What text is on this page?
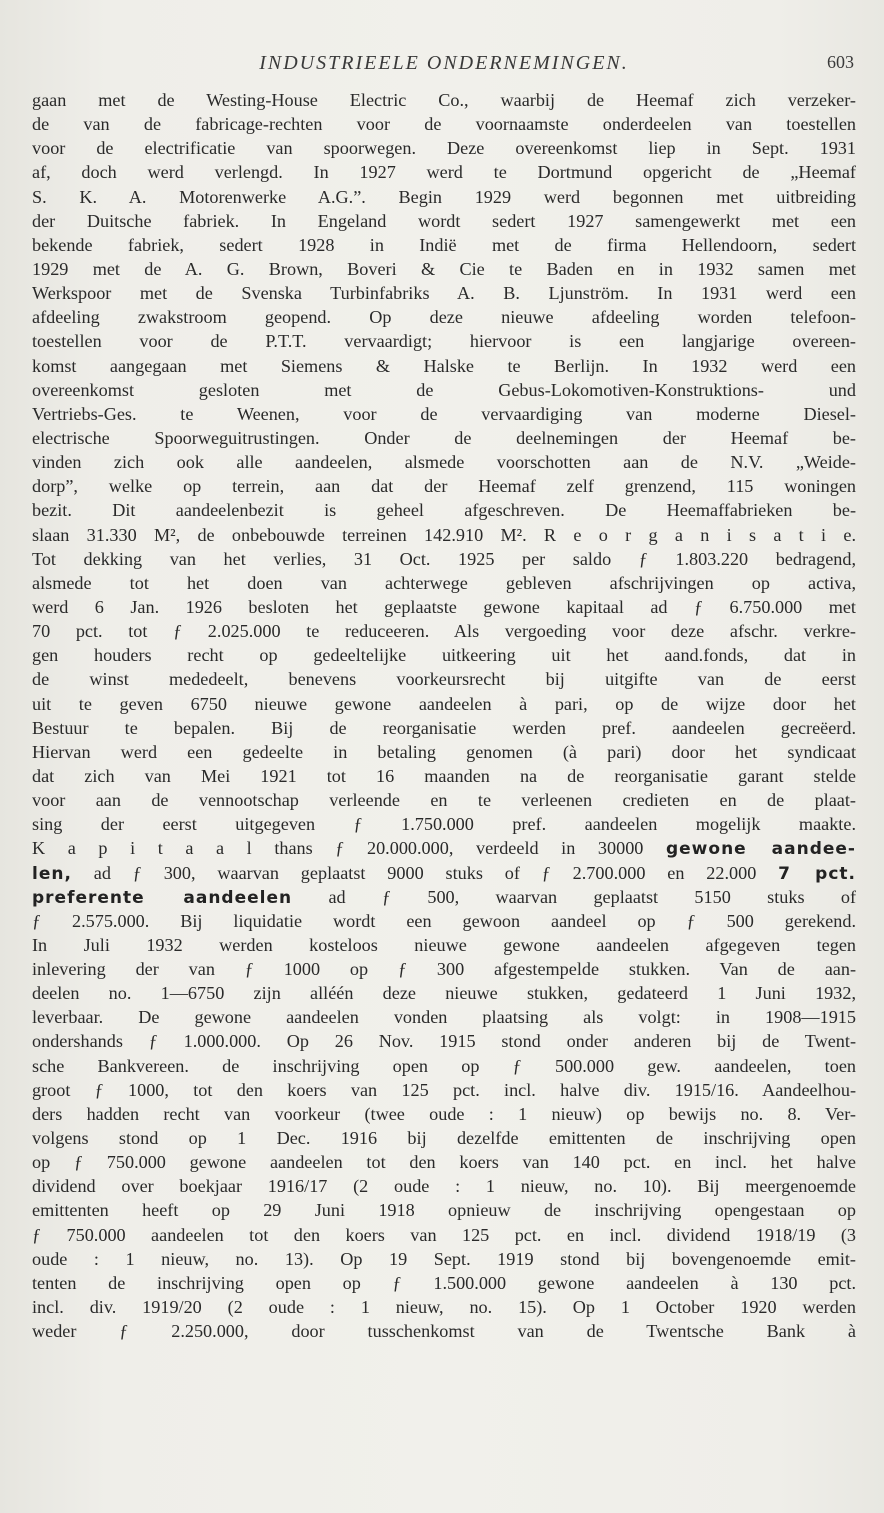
INDUSTRIEELE ONDERNEMINGEN.	603
gaan met de Westing-House Electric Co., waarbij de Heemaf zich verzeker-
de van de fabricage-rechten voor de voornaamste onderdeelen van toestellen
voor de electrificatie van spoorwegen. Deze overeenkomst liep in Sept. 1931
af, doch werd verlengd. In 1927 werd te Dortmund opgericht de „Heemaf
S. K. A. Motorenwerke A.G.”. Begin 1929 werd begonnen met uitbreiding
der Duitsche fabriek. In Engeland wordt sedert 1927 samengewerkt met een
bekende fabriek, sedert 1928 in Indië met de firma Hellendoorn, sedert
1929 met de A. G. Brown, Boveri & Cie te Baden en in 1932 samen met
Werkspoor met de Svenska Turbinfabriks A. B. Ljunström. In 1931 werd een
afdeeling zwakstroom geopend. Op deze nieuwe afdeeling worden telefoon-
toestellen voor de P.T.T. vervaardigt; hiervoor is een langjarige overeen-
komst aangegaan met Siemens & Halske te Berlijn. In 1932 werd een
overeenkomst gesloten met de Gebus-Lokomotiven-Konstruktions- und
Vertriebs-Ges. te Weenen, voor de vervaardiging van moderne Diesel-
electrische Spoorweguitrustingen. Onder de deelnemingen der Heemaf be-
vinden zich ook alle aandeelen, alsmede voorschotten aan de N.V. „Weide-
dorp”, welke op terrein, aan dat der Heemaf zelf grenzend, 115 woningen
bezit. Dit aandeelenbezit is geheel afgeschreven. De Heemaffabrieken be-
slaan 31.330 M², de onbebouwde terreinen 142.910 M². R e o r g a n i s a t i e.
Tot dekking van het verlies, 31 Oct. 1925 per saldo ƒ 1.803.220 bedragend,
alsmede tot het doen van achterwege gebleven afschrijvingen op activa,
werd 6 Jan. 1926 besloten het geplaatste gewone kapitaal ad ƒ 6.750.000 met
70 pct. tot ƒ 2.025.000 te reduceeren. Als vergoeding voor deze afschr. verkre-
gen houders recht op gedeeltelijke uitkeering uit het aand.fonds, dat in
de winst mededeelt, benevens voorkeursrecht bij uitgifte van de eerst
uit te geven 6750 nieuwe gewone aandeelen à pari, op de wijze door het
Bestuur te bepalen. Bij de reorganisatie werden pref. aandeelen gecreëerd.
Hiervan werd een gedeelte in betaling genomen (à pari) door het syndicaat
dat zich van Mei 1921 tot 16 maanden na de reorganisatie garant stelde
voor aan de vennootschap verleende en te verleenen credieten en de plaat-
sing der eerst uitgegeven ƒ 1.750.000 pref. aandeelen mogelijk maakte.
K a p i t a a l thans ƒ 20.000.000, verdeeld in 30000 gewone aandee-
len, ad ƒ 300, waarvan geplaatst 9000 stuks of ƒ 2.700.000 en 22.000 7 pct.
preferente aandeelen ad ƒ 500, waarvan geplaatst 5150 stuks of
ƒ 2.575.000. Bij liquidatie wordt een gewoon aandeel op ƒ 500 gerekend.
In Juli 1932 werden kosteloos nieuwe gewone aandeelen afgegeven tegen
inlevering der van ƒ 1000 op ƒ 300 afgestempelde stukken. Van de aan-
deelen no. 1—6750 zijn alléén deze nieuwe stukken, gedateerd 1 Juni 1932,
leverbaar. De gewone aandeelen vonden plaatsing als volgt: in 1908—1915
ondershands ƒ 1.000.000. Op 26 Nov. 1915 stond onder anderen bij de Twent-
sche Bankvereen. de inschrijving open op ƒ 500.000 gew. aandeelen, toen
groot ƒ 1000, tot den koers van 125 pct. incl. halve div. 1915/16. Aandeelhou-
ders hadden recht van voorkeur (twee oude : 1 nieuw) op bewijs no. 8. Ver-
volgens stond op 1 Dec. 1916 bij dezelfde emittenten de inschrijving open
op ƒ 750.000 gewone aandeelen tot den koers van 140 pct. en incl. het halve
dividend over boekjaar 1916/17 (2 oude : 1 nieuw, no. 10). Bij meergenoemde
emittenten heeft op 29 Juni 1918 opnieuw de inschrijving opengestaan op
ƒ 750.000 aandeelen tot den koers van 125 pct. en incl. dividend 1918/19 (3
oude : 1 nieuw, no. 13). Op 19 Sept. 1919 stond bij bovengenoemde emit-
tenten de inschrijving open op ƒ 1.500.000 gewone aandeelen à 130 pct.
incl. div. 1919/20 (2 oude : 1 nieuw, no. 15). Op 1 October 1920 werden
weder ƒ 2.250.000, door tusschenkomst van de Twentsche Bank à
